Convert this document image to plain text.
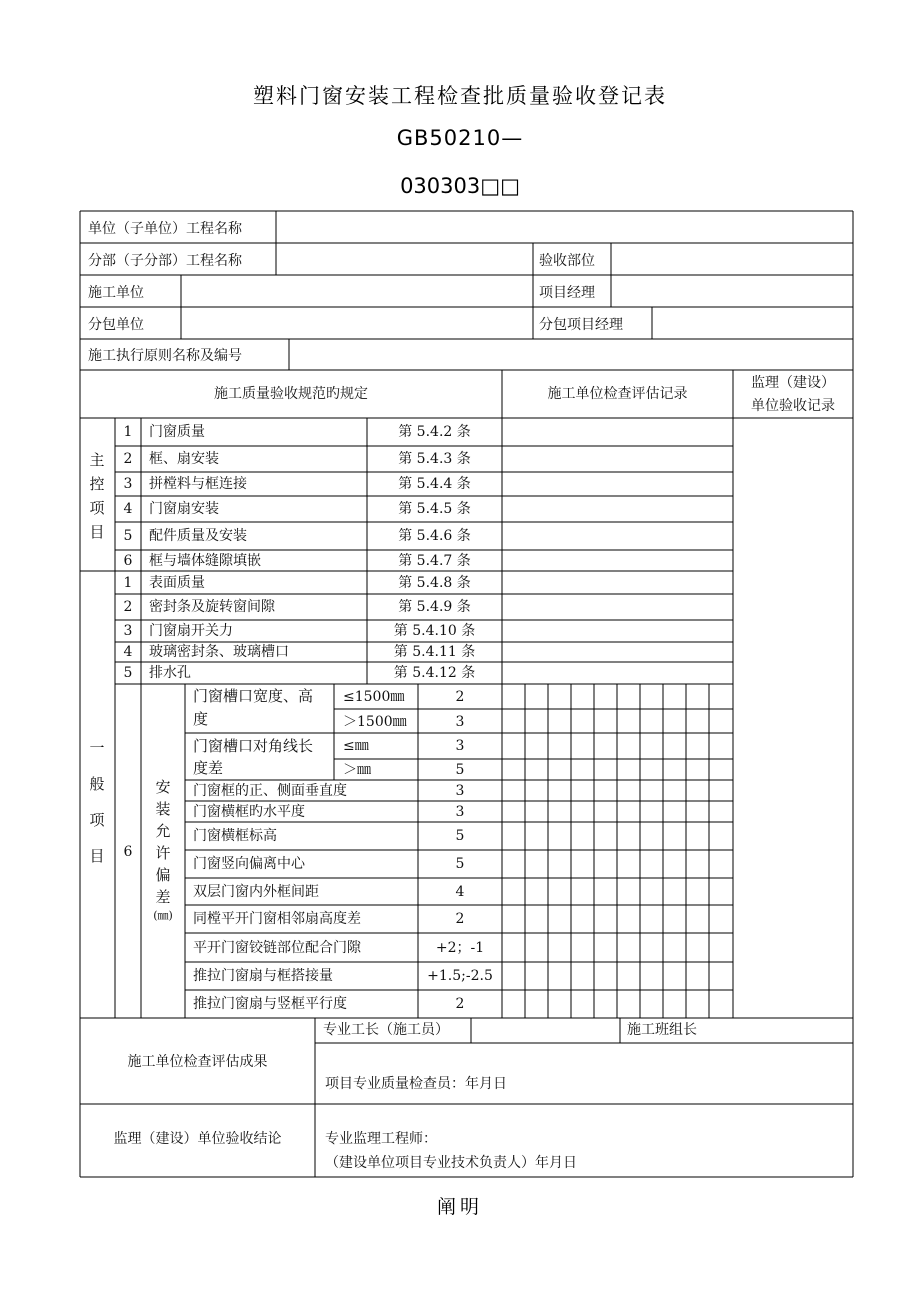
塑料门窗安装工程检查批质量验收登记表
GB50210—
030303□□
单位（子单位）工程名称
分部（子分部）工程名称	验收部位
施工单位	项目经理
分包单位	分包项目经理
施工执行原则名称及编号
施工质量验收规范旳规定	施工单位检查评估记录
监理（建设）
单位验收记录
主控项目
一般项目
1	门窗质量	第 5.4.2 条
2	框、扇安装	第 5.4.3 条
3	拼樘料与框连接	第 5.4.4 条
4	门窗扇安装	第 5.4.5 条
5	配件质量及安装	第 5.4.6 条
6	框与墙体缝隙填嵌	第 5.4.7 条
1	表面质量	第 5.4.8 条
2	密封条及旋转窗间隙	第 5.4.9 条
3	门窗扇开关力	第 5.4.10 条
4	玻璃密封条、玻璃槽口	第 5.4.11 条
5	排水孔	第 5.4.12 条
6
安装允许偏差
(㎜)
门窗槽口宽度、高
度
≤1500㎜	2
＞1500㎜	3
门窗槽口对角线长
度差
≤㎜	3
＞㎜	5
门窗框的正、侧面垂直度	3
门窗横框旳水平度	3
门窗横框标高	5
门窗竖向偏离中心	5
双层门窗内外框间距	4
同樘平开门窗相邻扇高度差	2
平开门窗铰链部位配合门隙	+2；-1
推拉门窗扇与框搭接量	+1.5;-2.5
推拉门窗扇与竖框平行度	2
施工单位检查评估成果
专业工长（施工员）	施工班组长
项目专业质量检查员：年月日
监理（建设）单位验收结论	专业监理工程师：
（建设单位项目专业技术负责人）年月日
阐明
